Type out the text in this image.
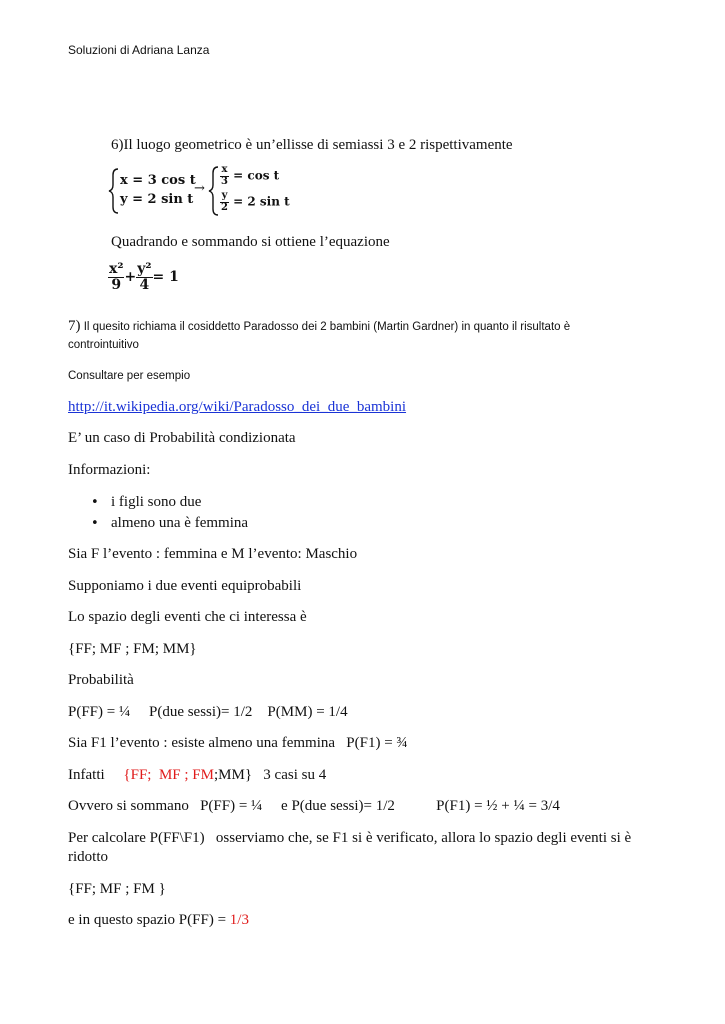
Soluzioni di Adriana Lanza
6)Il luogo geometrico è un’ellisse di semiassi 3 e 2 rispettivamente
x = 3 cos t
y = 2 sin t
→
$\frac{x}{3} = \cos t$
$\frac{y}{2} = 2$ sin t
Quadrando e sommando si ottiene l’equazione
$\frac{\text{x²}}{9} + \frac{\text{y²}}{4} = 1$
7) Il quesito richiama il cosiddetto Paradosso dei 2 bambini (Martin Gardner) in quanto il risultato è
controintuitivo
Consultare per esempio
http://it.wikipedia.org/wiki/Paradosso_dei_due_bambini
E’ un caso di Probabilità condizionata
Informazioni:
• i figli sono due
• almeno una è femmina
Sia F l’evento : femmina e M l’evento: Maschio
Supponiamo i due eventi equiprobabili
Lo spazio degli eventi che ci interessa è
{FF; MF ; FM; MM}
Probabilità
P(FF) = ¼     P(due sessi)= 1/2    P(MM) = 1/4
Sia F1 l’evento : esiste almeno una femmina   P(F1) = ¾
Infatti     {FF;  MF ; FM;MM}   3 casi su 4
Ovvero si sommano   P(FF) = ¼     e P(due sessi)= 1/2           P(F1) = ½ + ¼ = 3/4
Per calcolare P(FF\F1)   osserviamo che, se F1 si è verificato, allora lo spazio degli eventi si è
ridotto
{FF; MF ; FM }
e in questo spazio P(FF) = 1/3
